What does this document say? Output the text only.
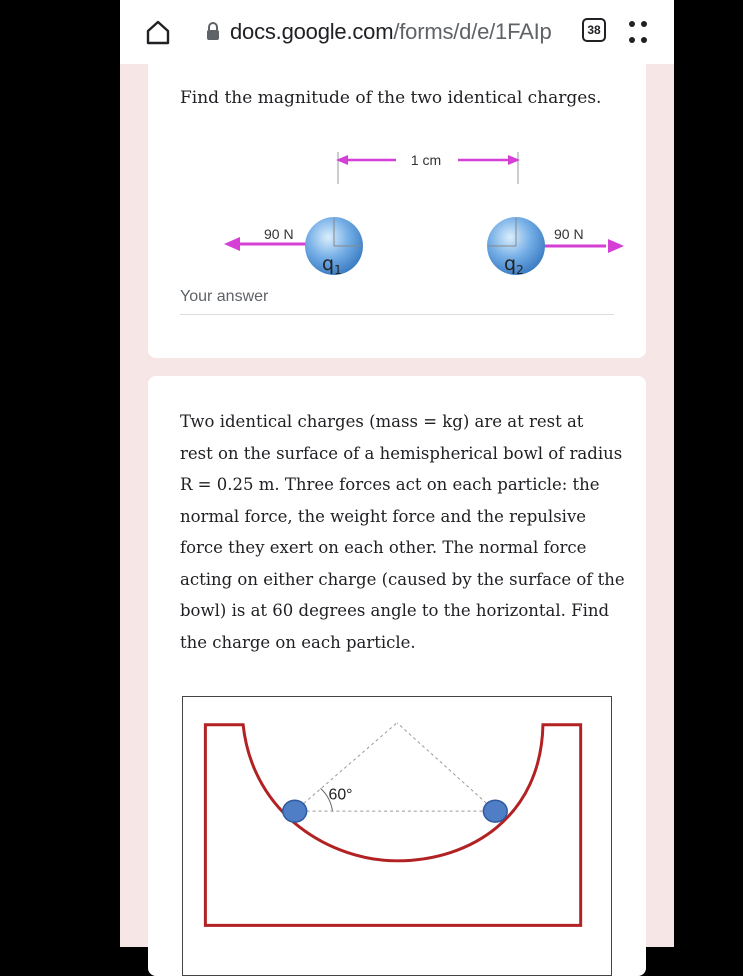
Find the magnitude of the two identical charges.
1 cm
90 N	90 N
$q_1$	$q_2$
Your answer
Two identical charges (mass = kg) are at rest at
rest on the surface of a hemispherical bowl of radius
R = 0.25 m. Three forces act on each particle: the
normal force, the weight force and the repulsive
force they exert on each other. The normal force
acting on either charge (caused by the surface of the
bowl) is at 60 degrees angle to the horizontal. Find
the charge on each particle.
60°
docs.google.com/forms/d/e/1FAIp	38
